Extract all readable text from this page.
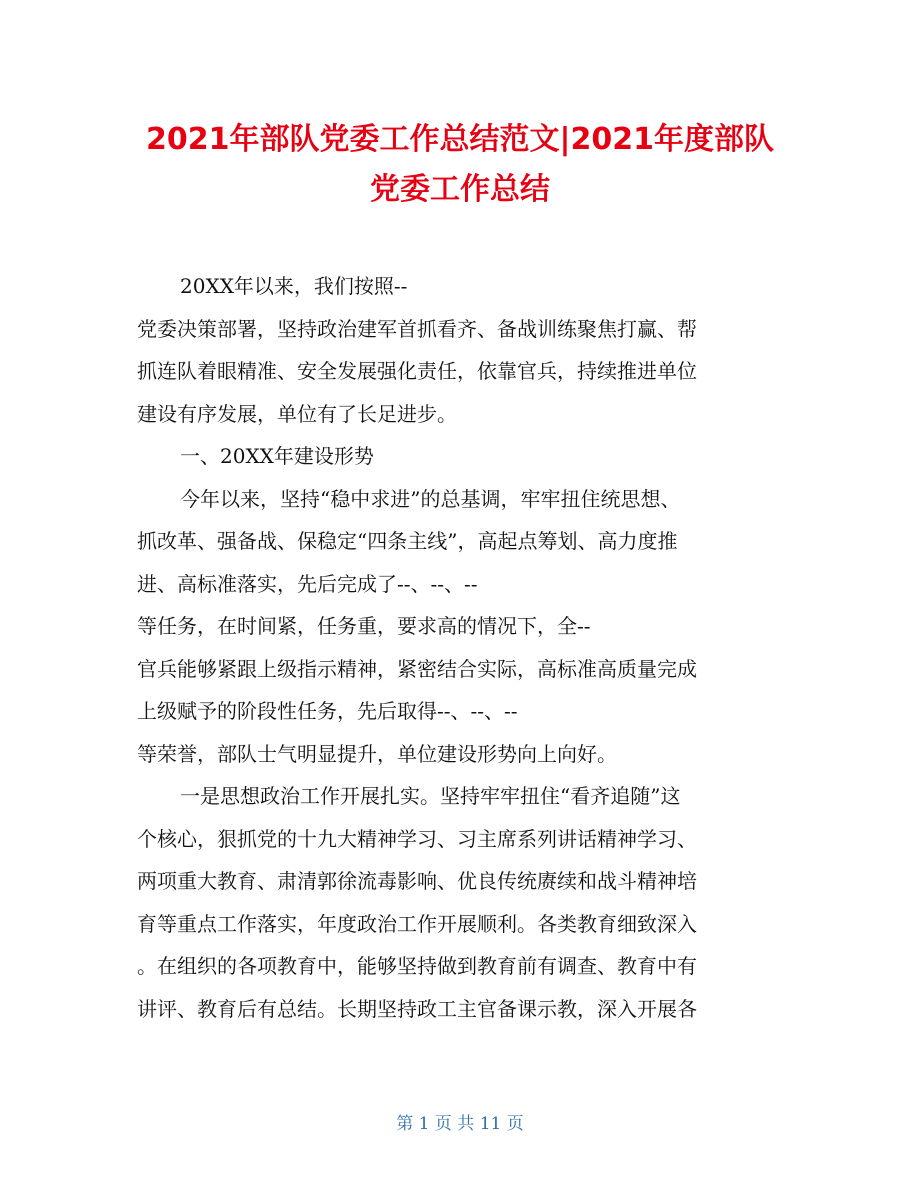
2021年部队党委工作总结范文|2021年度部队
党委工作总结
20XX年以来，我们按照--
党委决策部署，坚持政治建军首抓看齐、备战训练聚焦打赢、帮
抓连队着眼精准、安全发展强化责任，依靠官兵，持续推进单位
建设有序发展，单位有了长足进步。
一、20XX年建设形势
今年以来，坚持“稳中求进”的总基调，牢牢扭住统思想、
抓改革、强备战、保稳定“四条主线”，高起点筹划、高力度推
进、高标准落实，先后完成了--、--、--
等任务，在时间紧，任务重，要求高的情况下，全--
官兵能够紧跟上级指示精神，紧密结合实际，高标准高质量完成
上级赋予的阶段性任务，先后取得--、--、--
等荣誉，部队士气明显提升，单位建设形势向上向好。
一是思想政治工作开展扎实。坚持牢牢扭住“看齐追随”这
个核心，狠抓党的十九大精神学习、习主席系列讲话精神学习、
两项重大教育、肃清郭徐流毒影响、优良传统赓续和战斗精神培
育等重点工作落实，年度政治工作开展顺利。各类教育细致深入
。在组织的各项教育中，能够坚持做到教育前有调查、教育中有
讲评、教育后有总结。长期坚持政工主官备课示教，深入开展各
第 1 页 共 11 页
